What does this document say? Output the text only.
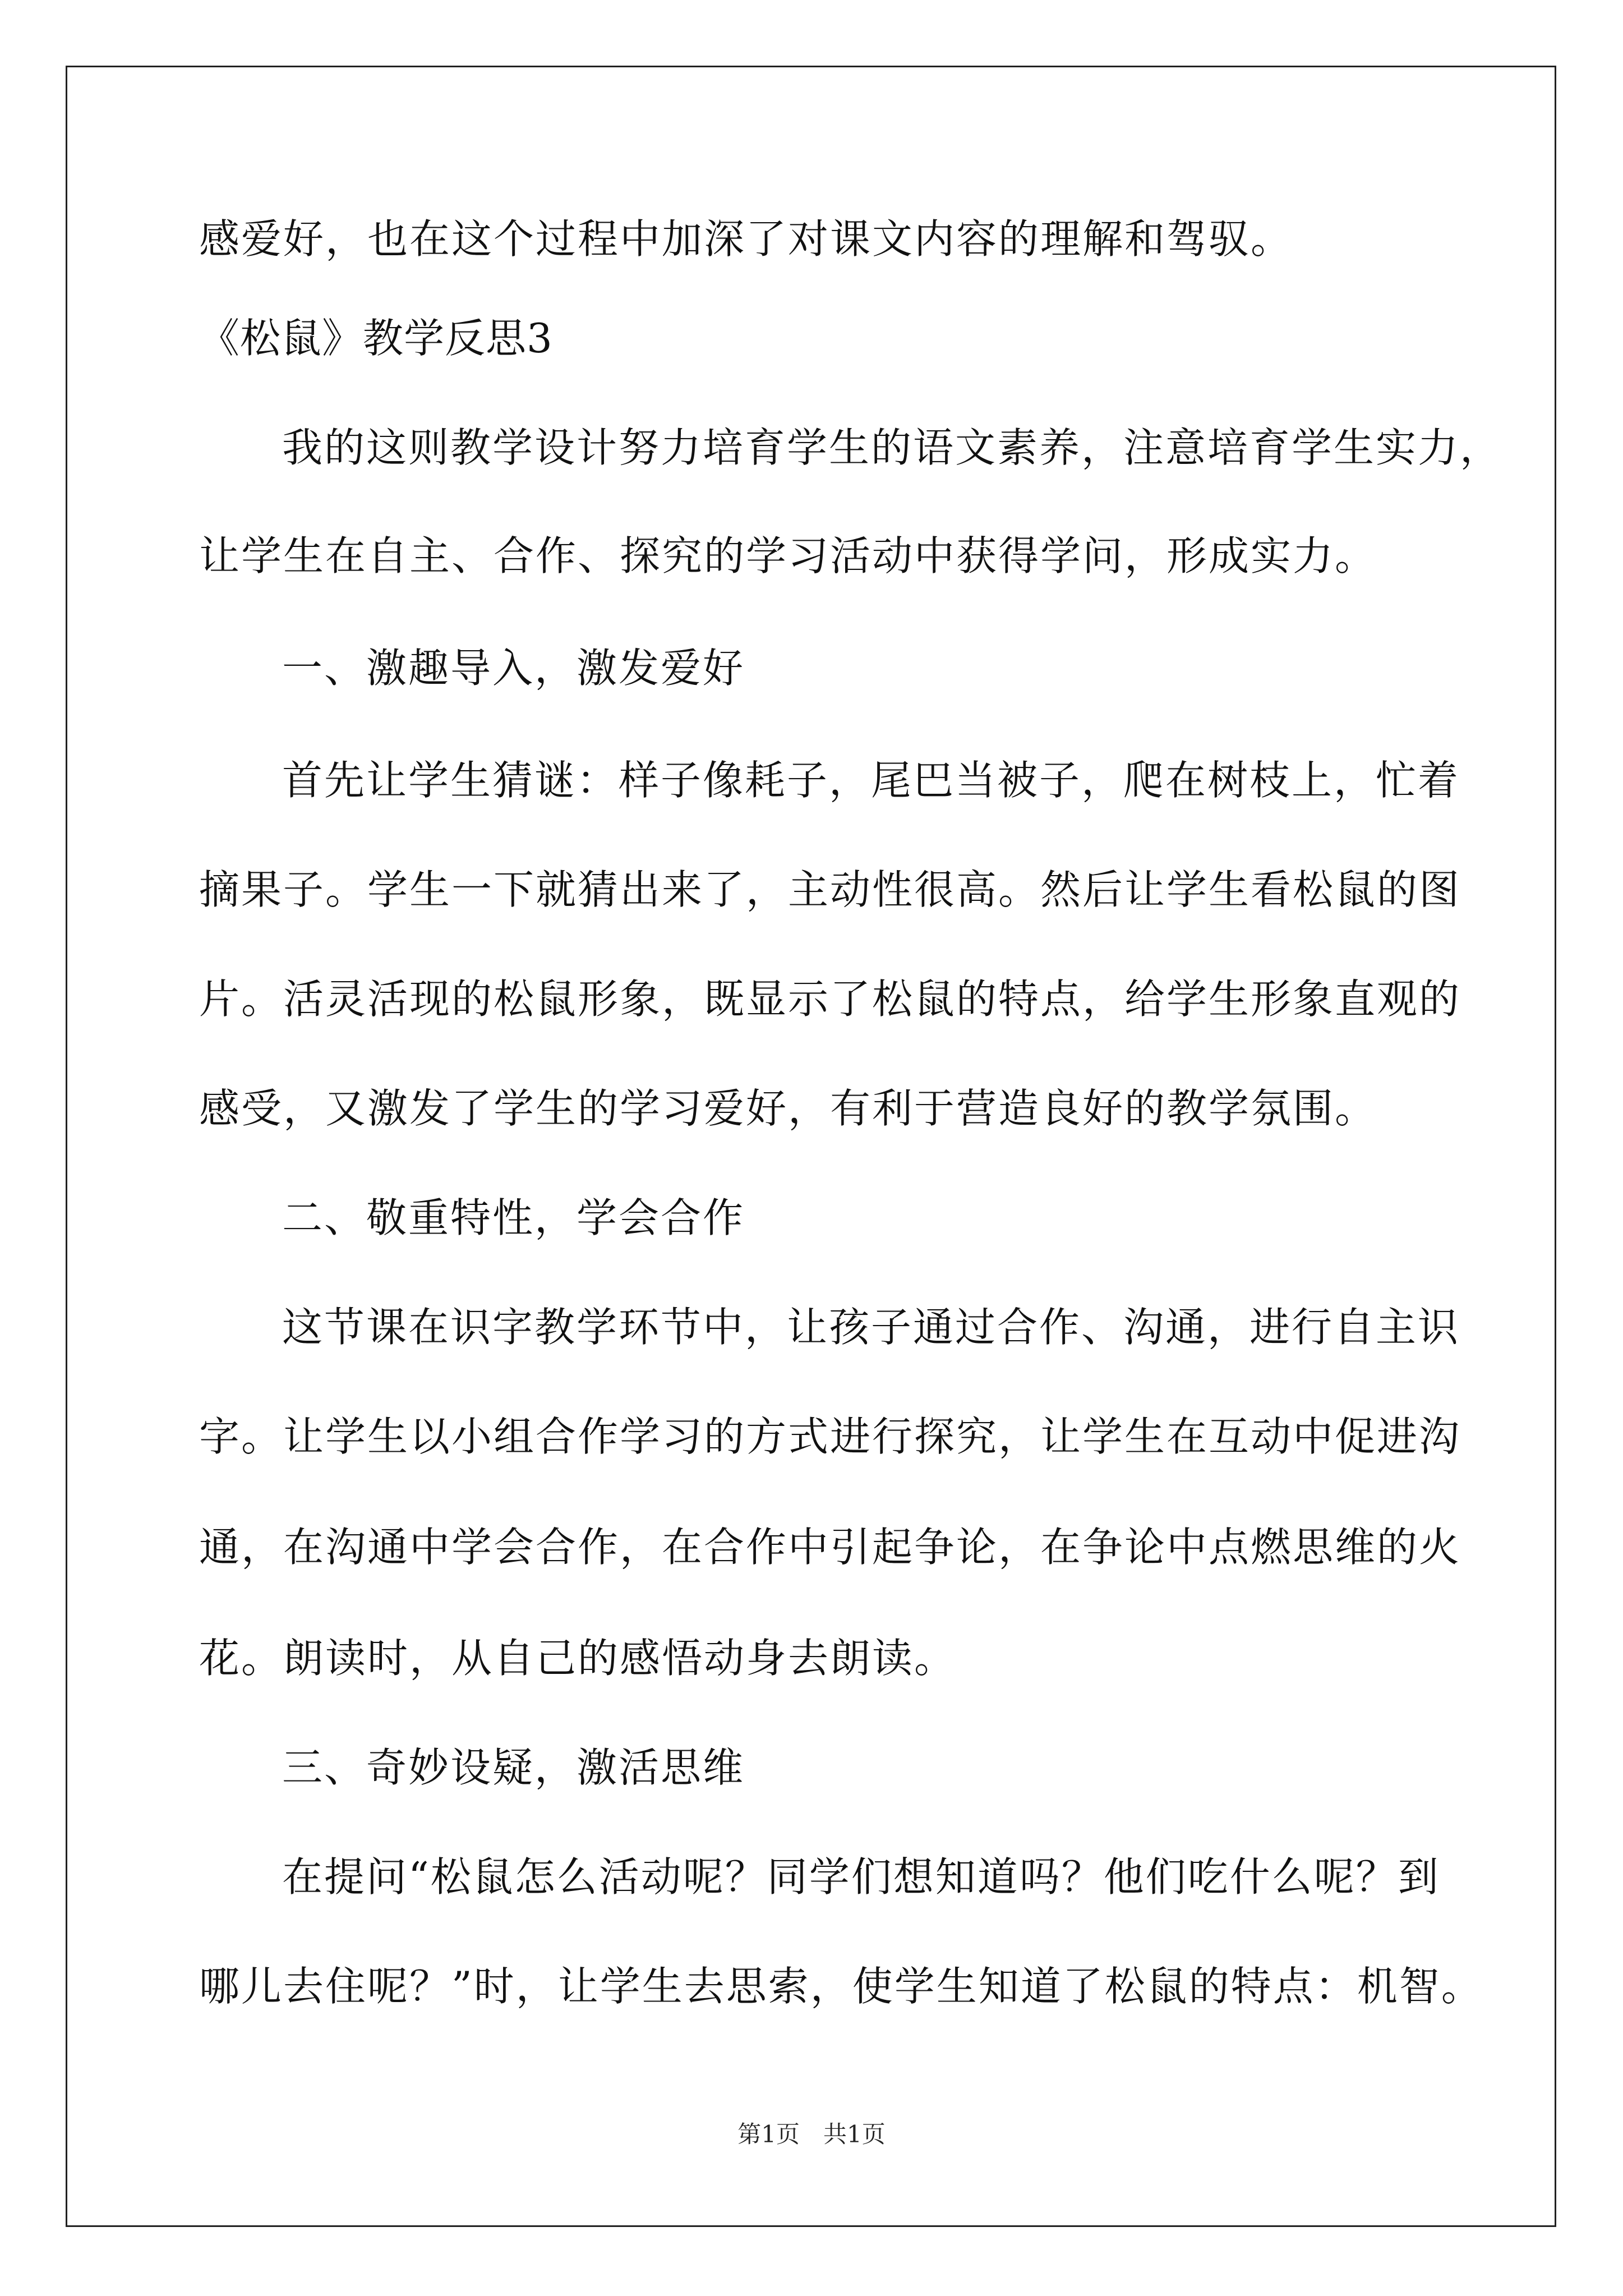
感爱好，也在这个过程中加深了对课文内容的理解和驾驭。
《松鼠》教学反思3
我的这则教学设计努力培育学生的语文素养，注意培育学生实力，
让学生在自主、合作、探究的学习活动中获得学问，形成实力。
一、激趣导入，激发爱好
首先让学生猜谜：样子像耗子，尾巴当被子，爬在树枝上，忙着
摘果子。学生一下就猜出来了，主动性很高。然后让学生看松鼠的图
片。活灵活现的松鼠形象，既显示了松鼠的特点，给学生形象直观的
感受，又激发了学生的学习爱好，有利于营造良好的教学氛围。
二、敬重特性，学会合作
这节课在识字教学环节中，让孩子通过合作、沟通，进行自主识
字。让学生以小组合作学习的方式进行探究，让学生在互动中促进沟
通，在沟通中学会合作，在合作中引起争论，在争论中点燃思维的火
花。朗读时，从自己的感悟动身去朗读。
三、奇妙设疑，激活思维
在提问“松鼠怎么活动呢？同学们想知道吗？他们吃什么呢？到
哪儿去住呢？”时，让学生去思索，使学生知道了松鼠的特点：机智。
第1页　共1页
